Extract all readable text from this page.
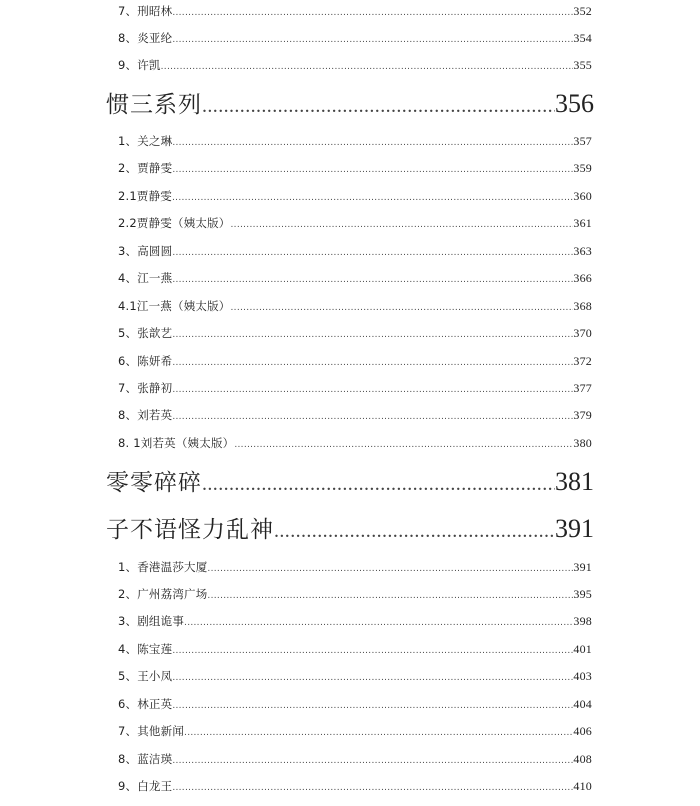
7、刑昭林 .....	352
8、炎亚纶 .....	354
9、许凯 .....	355
惯三系列 .....	356
1、关之琳 .....	357
2、贾静雯 .....	359
2.1贾静雯 .....	360
2.2贾静雯（姨太版） .....	361
3、高圆圆 .....	363
4、江一燕 .....	366
4.1江一燕（姨太版） .....	368
5、张歆艺 .....	370
6、陈妍希 .....	372
7、张静初 .....	377
8、刘若英 .....	379
8. 1刘若英（姨太版） .....	380
零零碎碎 .....	381
子不语怪力乱神 .....	391
1、香港温莎大厦 .....	391
2、广州荔湾广场 .....	395
3、剧组诡事 .....	398
4、陈宝莲 .....	401
5、王小凤 .....	403
6、林正英 .....	404
7、其他新闻 .....	406
8、蓝洁瑛 .....	408
9、白龙王 .....	410
